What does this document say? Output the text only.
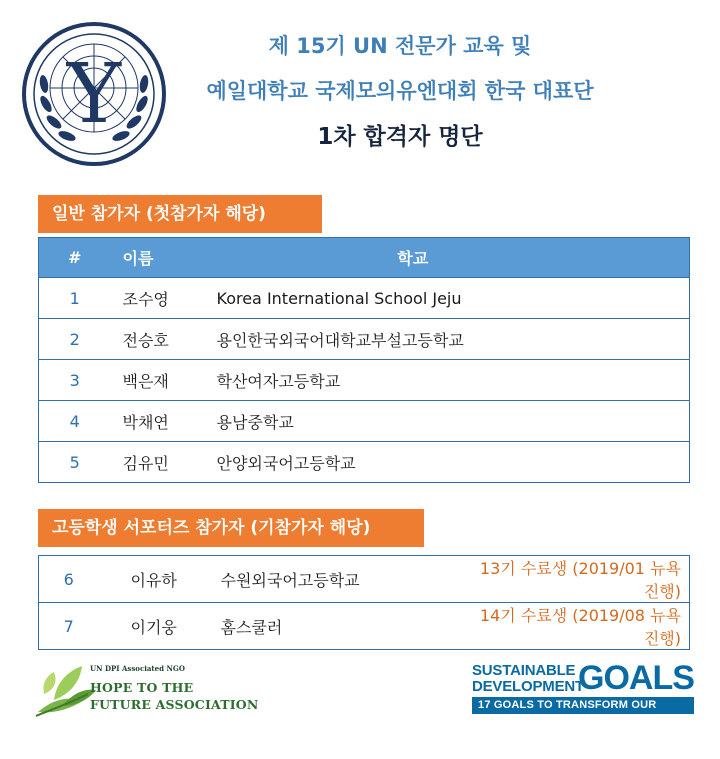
Y
제 15기 UN 전문가 교육 및
예일대학교 국제모의유엔대회 한국 대표단
1차 합격자 명단
일반 참가자 (첫참가자 해당)
#	이름	학교
1	조수영	Korea International School Jeju
2	전승호	용인한국외국어대학교부설고등학교
3	백은재	학산여자고등학교
4	박채연	용남중학교
5	김유민	안양외국어고등학교
고등학생 서포터즈 참가자 (기참가자 해당)
6	이유하	수원외국어고등학교	13기 수료생 (2019/01 뉴욕 진행)
7	이기웅	홈스쿨러	14기 수료생 (2019/08 뉴욕 진행)
UN DPI Associated NGO
HOPE TO THE
FUTURE ASSOCIATION
SUSTAINABLE
DEVELOPMENT
GOALS
17 GOALS TO TRANSFORM OUR WORLD
